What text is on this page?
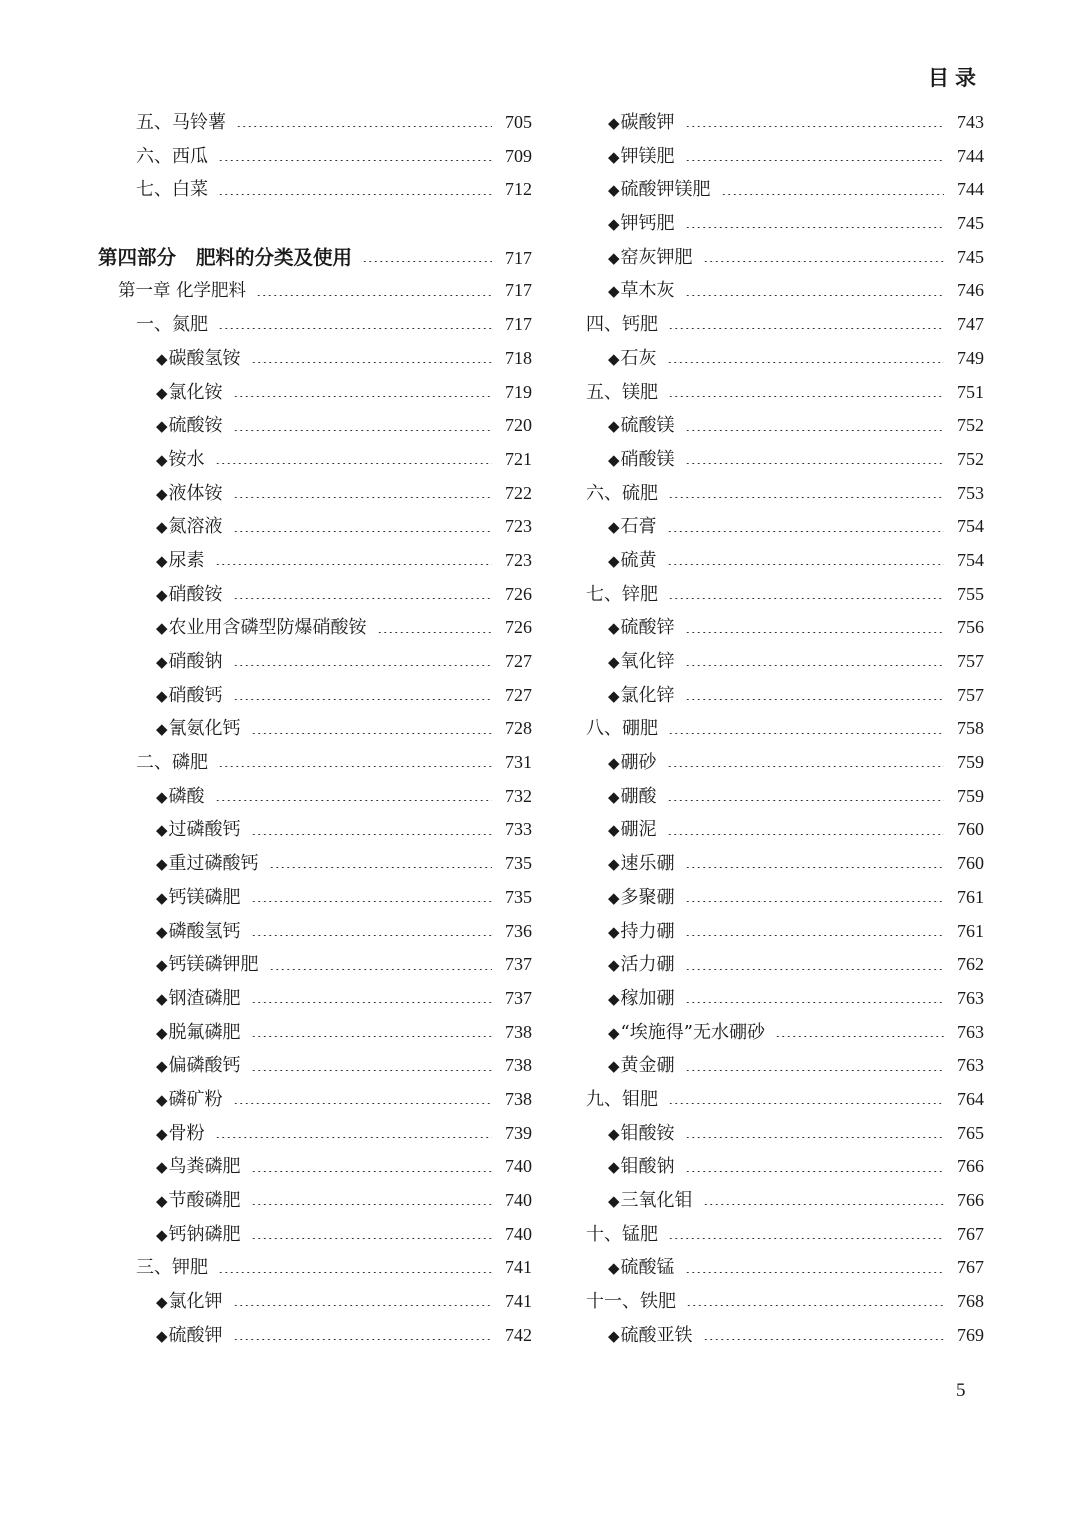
目录
五、马铃薯	705
六、西瓜	709
七、白菜	712
第四部分 肥料的分类及使用	717
第一章 化学肥料	717
一、氮肥	717
◆碳酸氢铵	718
◆氯化铵	719
◆硫酸铵	720
◆铵水	721
◆液体铵	722
◆氮溶液	723
◆尿素	723
◆硝酸铵	726
◆农业用含磷型防爆硝酸铵	726
◆硝酸钠	727
◆硝酸钙	727
◆氰氨化钙	728
二、磷肥	731
◆磷酸	732
◆过磷酸钙	733
◆重过磷酸钙	735
◆钙镁磷肥	735
◆磷酸氢钙	736
◆钙镁磷钾肥	737
◆钢渣磷肥	737
◆脱氟磷肥	738
◆偏磷酸钙	738
◆磷矿粉	738
◆骨粉	739
◆鸟粪磷肥	740
◆节酸磷肥	740
◆钙钠磷肥	740
三、钾肥	741
◆氯化钾	741
◆硫酸钾	742
◆碳酸钾	743
◆钾镁肥	744
◆硫酸钾镁肥	744
◆钾钙肥	745
◆窑灰钾肥	745
◆草木灰	746
四、钙肥	747
◆石灰	749
五、镁肥	751
◆硫酸镁	752
◆硝酸镁	752
六、硫肥	753
◆石膏	754
◆硫黄	754
七、锌肥	755
◆硫酸锌	756
◆氧化锌	757
◆氯化锌	757
八、硼肥	758
◆硼砂	759
◆硼酸	759
◆硼泥	760
◆速乐硼	760
◆多聚硼	761
◆持力硼	761
◆活力硼	762
◆稼加硼	763
◆“埃施得”无水硼砂	763
◆黄金硼	763
九、钼肥	764
◆钼酸铵	765
◆钼酸钠	766
◆三氧化钼	766
十、锰肥	767
◆硫酸锰	767
十一、铁肥	768
◆硫酸亚铁	769
5
